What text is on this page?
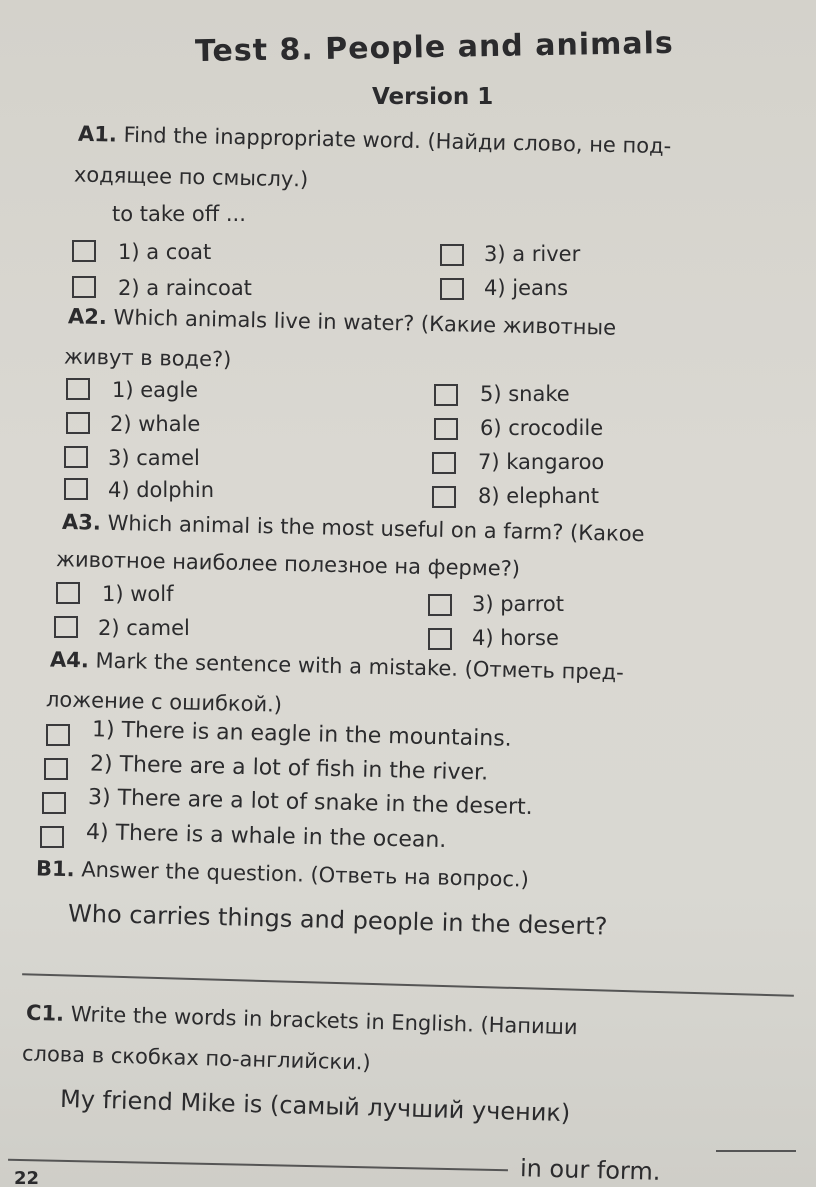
Test 8. People and animals
Version 1
A1. Find the inappropriate word. (Найди слово, не под-
ходящее по смыслу.)
to take off ...
1) a coat
2) a raincoat
3) a river
4) jeans
A2. Which animals live in water? (Какие животные
живут в воде?)
1) eagle
2) whale
3) camel
4) dolphin
5) snake
6) crocodile
7) kangaroo
8) elephant
A3. Which animal is the most useful on a farm? (Какое
животное наиболее полезное на ферме?)
1) wolf
2) camel
3) parrot
4) horse
A4. Mark the sentence with a mistake. (Отметь пред-
ложение с ошибкой.)
1) There is an eagle in the mountains.
2) There are a lot of fish in the river.
3) There are a lot of snake in the desert.
4) There is a whale in the ocean.
B1. Answer the question. (Ответь на вопрос.)
Who carries things and people in the desert?
C1. Write the words in brackets in English. (Напиши
слова в скобках по-английски.)
My friend Mike is (самый лучший ученик)
in our form.
22
